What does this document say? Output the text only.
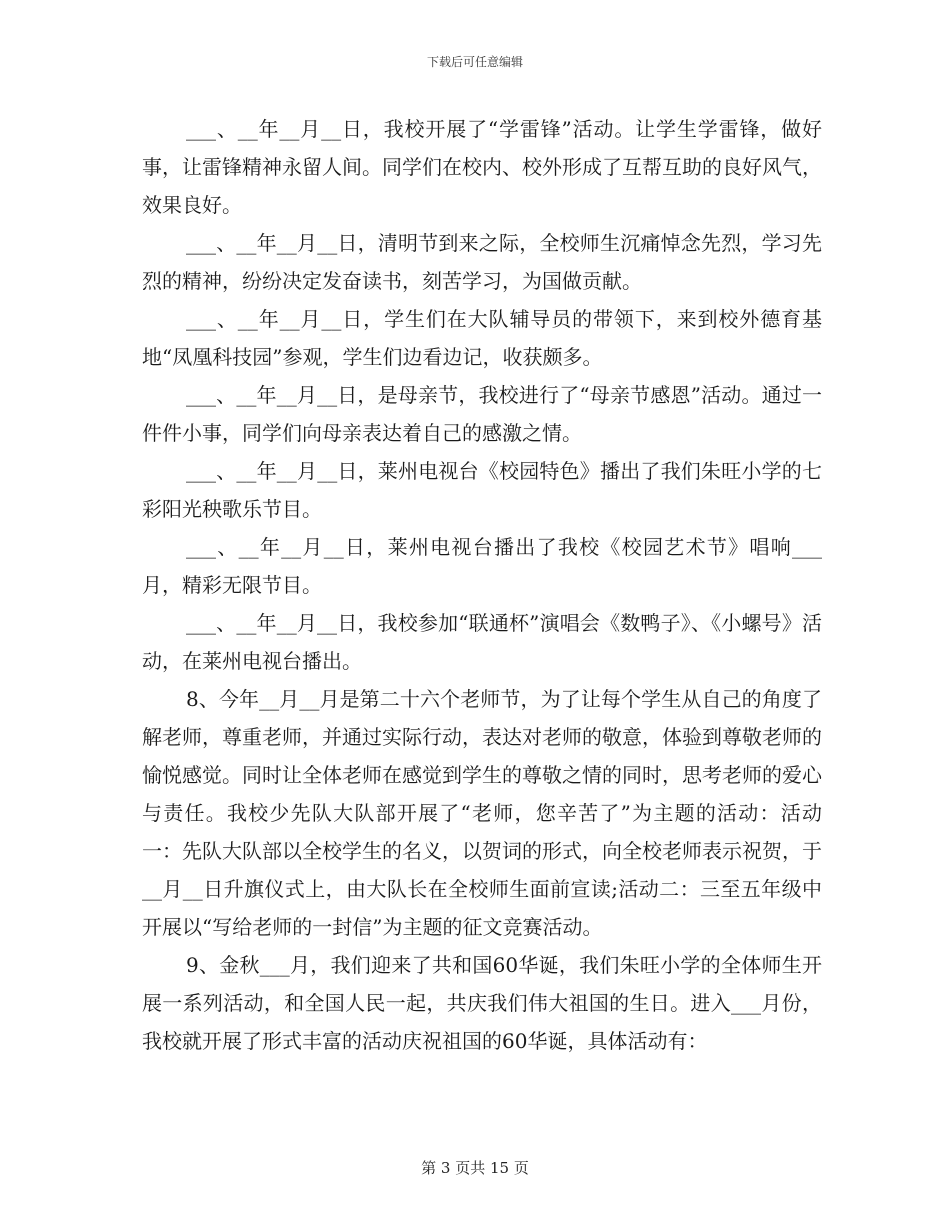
下载后可任意编辑

___、__年__月__日，我校开展了“学雷锋”活动。让学生学雷锋，做好事，让雷锋精神永留人间。同学们在校内、校外形成了互帮互助的良好风气，效果良好。

___、__年__月__日，清明节到来之际，全校师生沉痛悼念先烈，学习先烈的精神，纷纷决定发奋读书，刻苦学习，为国做贡献。

___、__年__月__日，学生们在大队辅导员的带领下，来到校外德育基地“凤凰科技园”参观，学生们边看边记，收获颇多。

___、__年__月__日，是母亲节，我校进行了“母亲节感恩”活动。通过一件件小事，同学们向母亲表达着自己的感激之情。

___、__年__月__日，莱州电视台《校园特色》播出了我们朱旺小学的七彩阳光秧歌乐节目。

___、__年__月__日，莱州电视台播出了我校《校园艺术节》唱响___月，精彩无限节目。

___、__年__月__日，我校参加“联通杯”演唱会《数鸭子》、《小螺号》活动，在莱州电视台播出。

8、今年__月__月是第二十六个老师节，为了让每个学生从自己的角度了解老师，尊重老师，并通过实际行动，表达对老师的敬意，体验到尊敬老师的愉悦感觉。同时让全体老师在感觉到学生的尊敬之情的同时，思考老师的爱心与责任。我校少先队大队部开展了“老师，您辛苦了”为主题的活动：活动一：先队大队部以全校学生的名义，以贺词的形式，向全校老师表示祝贺，于__月__日升旗仪式上，由大队长在全校师生面前宣读;活动二：三至五年级中开展以“写给老师的一封信”为主题的征文竞赛活动。

9、金秋___月，我们迎来了共和国60华诞，我们朱旺小学的全体师生开展一系列活动，和全国人民一起，共庆我们伟大祖国的生日。进入___月份，我校就开展了形式丰富的活动庆祝祖国的60华诞，具体活动有：

第 3 页共 15 页
